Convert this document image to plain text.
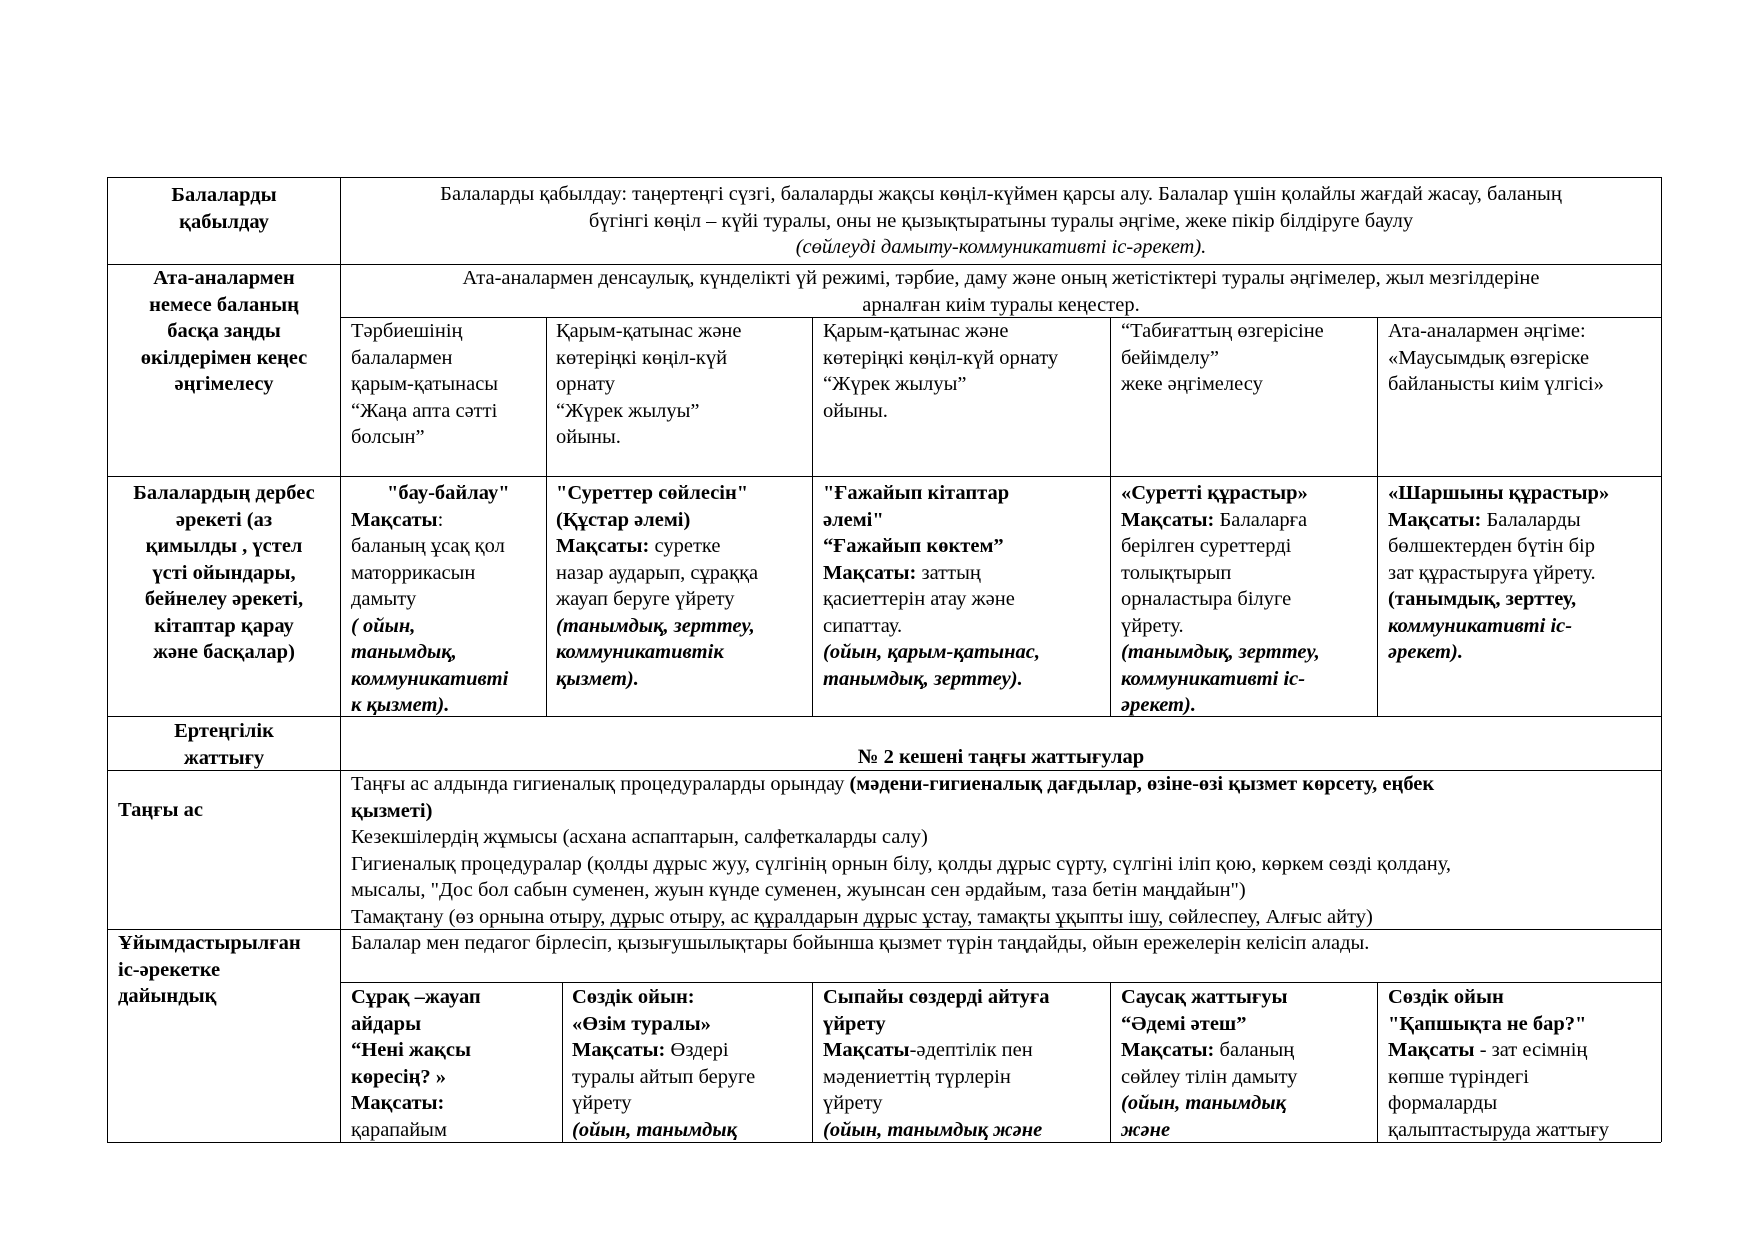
Балаларды
қабылдау
Балаларды қабылдау: таңертеңгі сүзгі, балаларды жақсы көңіл-күймен қарсы алу. Балалар үшін қолайлы жағдай жасау, баланың
бүгінгі көңіл – күйі туралы, оны не қызықтыратыны туралы әңгіме, жеке пікір білдіруге баулу
(сөйлеуді дамыту-коммуникативті іс-әрекет).
Ата-аналармен
немесе баланың
басқа заңды
өкілдерімен кеңес
әңгімелесу
Ата-аналармен денсаулық, күнделікті үй режимі, тәрбие, даму және оның жетістіктері туралы әңгімелер, жыл мезгілдеріне
арналған киім туралы кеңестер.
Тәрбиешінің
балалармен
қарым-қатынасы
“Жаңа апта сәтті
болсын”
Қарым-қатынас және
көтеріңкі көңіл-күй
орнату
“Жүрек жылуы”
ойыны.
Қарым-қатынас және
көтеріңкі көңіл-күй орнату
“Жүрек жылуы”
ойыны.
“Табиғаттың өзгерісіне
бейімделу”
жеке әңгімелесу
Ата-аналармен әңгіме:
«Маусымдық өзгеріске
байланысты киім үлгісі»
Балалардың дербес
әрекеті (аз
қимылды , үстел
үсті ойындары,
бейнелеу әрекеті,
кітаптар қарау
және басқалар)
"бау-байлау"
Мақсаты:
баланың ұсақ қол
маторрикасын
дамыту
( ойын,
танымдық,
коммуникативті
к қызмет).
"Суреттер сөйлесін"
(Құстар әлемі)
Мақсаты: суретке
назар аударып, сұраққа
жауап беруге үйрету
(танымдық, зерттеу,
коммуникативтік
қызмет).
"Ғажайып кітаптар
әлемі"
“Ғажайып көктем”
Мақсаты: заттың
қасиеттерін атау және
сипаттау.
(ойын, қарым-қатынас,
танымдық, зерттеу).
«Суретті құрастыр»
Мақсаты: Балаларға
берілген суреттерді
толықтырып
орналастыра білуге
үйрету.
(танымдық, зерттеу,
коммуникативті іс-
әрекет).
«Шаршыны құрастыр»
Мақсаты: Балаларды
бөлшектерден бүтін бір
зат құрастыруға үйрету.
(танымдық, зерттеу,
коммуникативті іс-
әрекет).
Ертеңгілік
жаттығу	№ 2 кешені таңғы жаттығулар
Таңғы ас
Таңғы ас алдында гигиеналық процедураларды орындау (мәдени-гигиеналық дағдылар, өзіне-өзі қызмет көрсету, еңбек
қызметі)
Кезекшілердің жұмысы (асхана аспаптарын, салфеткаларды салу)
Гигиеналық процедуралар (қолды дұрыс жуу, сүлгінің орнын білу, қолды дұрыс сүрту, сүлгіні іліп қою, көркем сөзді қолдану,
мысалы, "Дос бол сабын суменен, жуын күнде суменен, жуынсан сен әрдайым, таза бетін маңдайын")
Тамақтану (өз орнына отыру, дұрыс отыру, ас құралдарын дұрыс ұстау, тамақты ұқыпты ішу, сөйлеспеу, Алғыс айту)
Ұйымдастырылған
іс-әрекетке
дайындық
Балалар мен педагог бірлесіп, қызығушылықтары бойынша қызмет түрін таңдайды, ойын ережелерін келісіп алады.
Сұрақ –жауап
айдары
“Нені жақсы
көресің? »
Мақсаты:
қарапайым
Сөздік ойын:
«Өзім туралы»
Мақсаты: Өздері
туралы айтып беруге
үйрету
(ойын, танымдық
Сыпайы сөздерді айтуға
үйрету
Мақсаты-әдептілік пен
мәдениеттің түрлерін
үйрету
(ойын, танымдық және
Саусақ жаттығуы
“Әдемі әтеш”
Мақсаты: баланың
сөйлеу тілін дамыту
(ойын, танымдық
және
Сөздік ойын
"Қапшықта не бар?"
Мақсаты - зат есімнің
көпше түріндегі
формаларды
қалыптастыруда жаттығу
